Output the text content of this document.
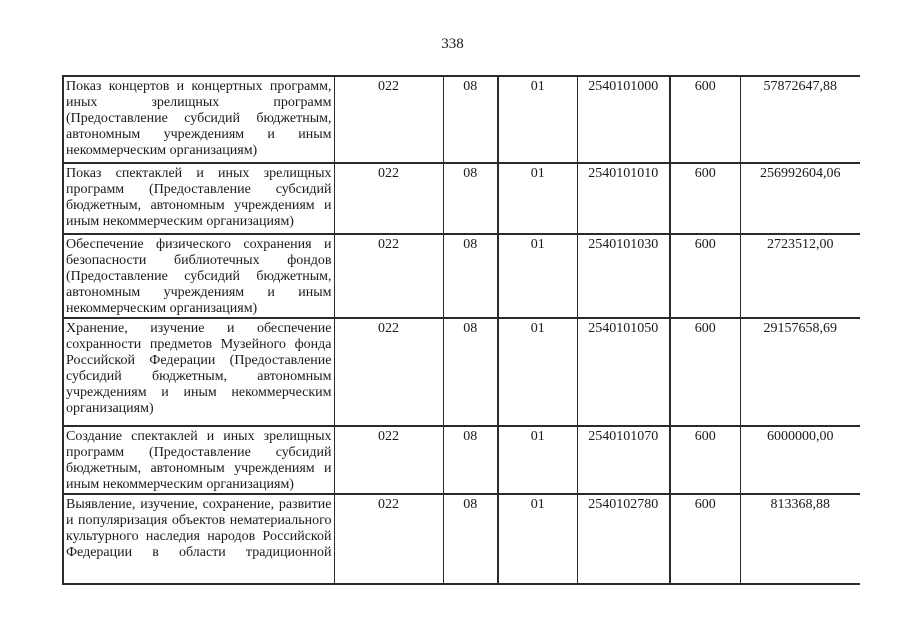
338
Показ концертов и концертных программ, иных зрелищных программ (Предоставление субсидий бюджетным, автономным учреждениям и иным некоммерческим организациям)	022	08	01	2540101000	600	57872647,88
Показ спектаклей и иных зрелищных программ (Предоставление субсидий бюджетным, автономным учреждениям и иным некоммерческим организациям)	022	08	01	2540101010	600	256992604,06
Обеспечение физического сохранения и безопасности библиотечных фондов (Предоставление субсидий бюджетным, автономным учреждениям и иным некоммерческим организациям)	022	08	01	2540101030	600	2723512,00
Хранение, изучение и обеспечение сохранности предметов Музейного фонда Российской Федерации (Предоставление субсидий бюджетным, автономным учреждениям и иным некоммерческим организациям)	022	08	01	2540101050	600	29157658,69
Создание спектаклей и иных зрелищных программ (Предоставление субсидий бюджетным, автономным учреждениям и иным некоммерческим организациям)	022	08	01	2540101070	600	6000000,00
Выявление, изучение, сохранение, развитие и популяризация объектов нематериального культурного наследия народов Российской Федерации в области традиционной	022	08	01	2540102780	600	813368,88
